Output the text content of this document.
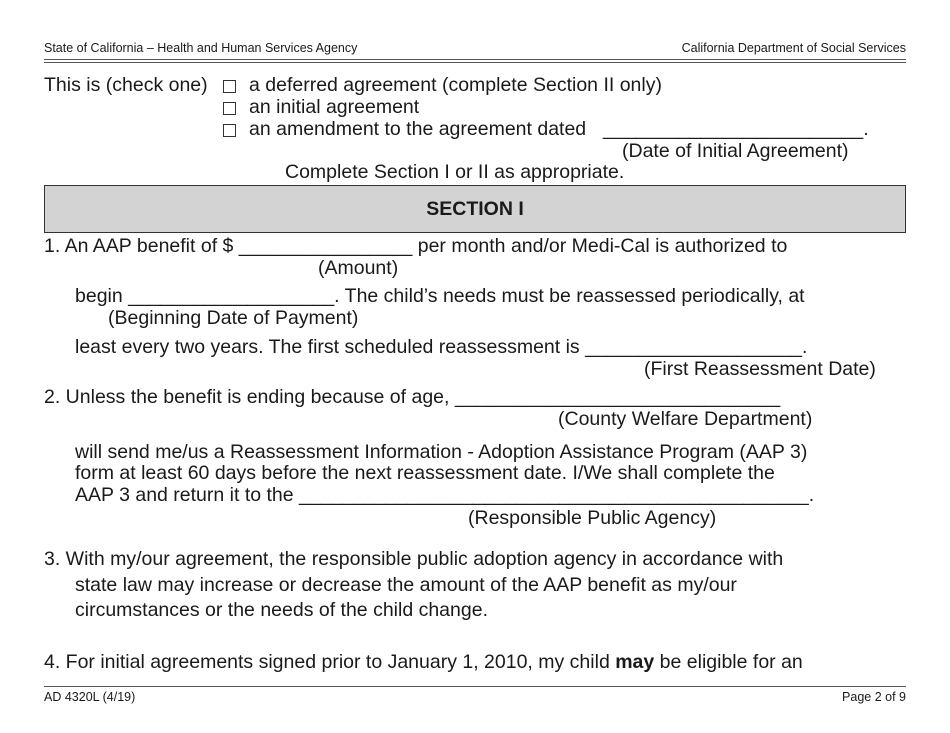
State of California – Health and Human Services Agency	California Department of Social Services
This is (check one) a deferred agreement (complete Section II only)
an initial agreement
an amendment to the agreement dated ________________________.
(Date of Initial Agreement)
Complete Section I or II as appropriate.
SECTION I
1. An AAP benefit of $ ________________ per month and/or Medi-Cal is authorized to
(Amount)
begin ___________________. The child’s needs must be reassessed periodically, at
(Beginning Date of Payment)
least every two years. The first scheduled reassessment is ____________________.
(First Reassessment Date)
2. Unless the benefit is ending because of age, ______________________________
(County Welfare Department)
will send me/us a Reassessment Information - Adoption Assistance Program (AAP 3)
form at least 60 days before the next reassessment date. I/We shall complete the
AAP 3 and return it to the _______________________________________________.
(Responsible Public Agency)
3. With my/our agreement, the responsible public adoption agency in accordance with
state law may increase or decrease the amount of the AAP benefit as my/our
circumstances or the needs of the child change.
4. For initial agreements signed prior to January 1, 2010, my child may be eligible for an
AD 4320L (4/19)	Page 2 of 9
